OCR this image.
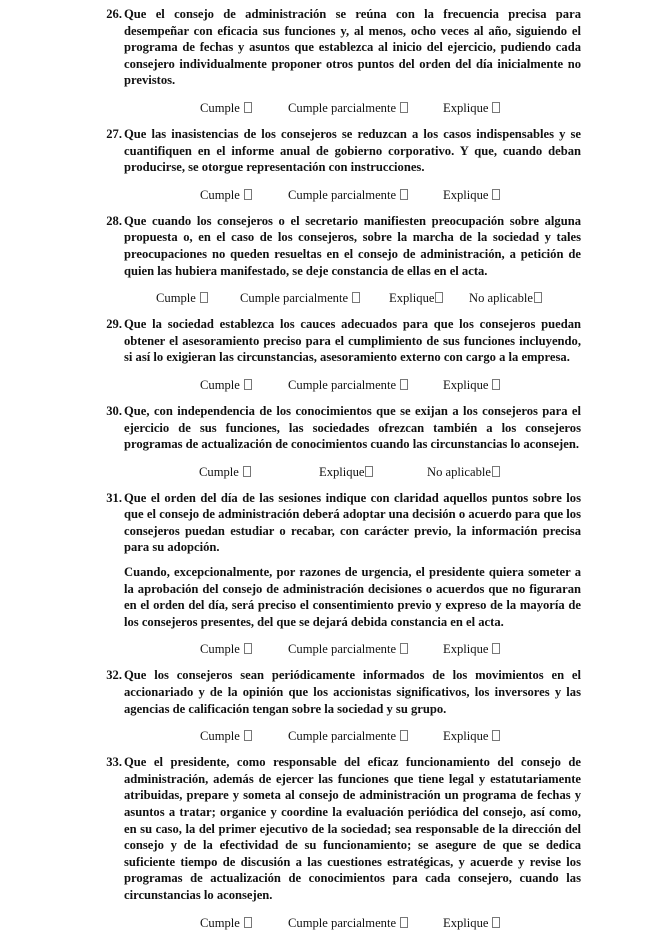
26. Que el consejo de administración se reúna con la frecuencia precisa para desempeñar con eficacia sus funciones y, al menos, ocho veces al año, siguiendo el programa de fechas y asuntos que establezca al inicio del ejercicio, pudiendo cada consejero individualmente proponer otros puntos del orden del día inicialmente no previstos.
Cumple	Cumple parcialmente	Explique
27. Que las inasistencias de los consejeros se reduzcan a los casos indispensables y se cuantifiquen en el informe anual de gobierno corporativo. Y que, cuando deban producirse, se otorgue representación con instrucciones.
Cumple	Cumple parcialmente	Explique
28. Que cuando los consejeros o el secretario manifiesten preocupación sobre alguna propuesta o, en el caso de los consejeros, sobre la marcha de la sociedad y tales preocupaciones no queden resueltas en el consejo de administración, a petición de quien las hubiera manifestado, se deje constancia de ellas en el acta.
Cumple	Cumple parcialmente	Explique	No aplicable
29. Que la sociedad establezca los cauces adecuados para que los consejeros puedan obtener el asesoramiento preciso para el cumplimiento de sus funciones incluyendo, si así lo exigieran las circunstancias, asesoramiento externo con cargo a la empresa.
Cumple	Cumple parcialmente	Explique
30. Que, con independencia de los conocimientos que se exijan a los consejeros para el ejercicio de sus funciones, las sociedades ofrezcan también a los consejeros programas de actualización de conocimientos cuando las circunstancias lo aconsejen.
Cumple	Explique	No aplicable
31. Que el orden del día de las sesiones indique con claridad aquellos puntos sobre los que el consejo de administración deberá adoptar una decisión o acuerdo para que los consejeros puedan estudiar o recabar, con carácter previo, la información precisa para su adopción.
Cuando, excepcionalmente, por razones de urgencia, el presidente quiera someter a la aprobación del consejo de administración decisiones o acuerdos que no figuraran en el orden del día, será preciso el consentimiento previo y expreso de la mayoría de los consejeros presentes, del que se dejará debida constancia en el acta.
Cumple	Cumple parcialmente	Explique
32. Que los consejeros sean periódicamente informados de los movimientos en el accionariado y de la opinión que los accionistas significativos, los inversores y las agencias de calificación tengan sobre la sociedad y su grupo.
Cumple	Cumple parcialmente	Explique
33. Que el presidente, como responsable del eficaz funcionamiento del consejo de administración, además de ejercer las funciones que tiene legal y estatutariamente atribuidas, prepare y someta al consejo de administración un programa de fechas y asuntos a tratar; organice y coordine la evaluación periódica del consejo, así como, en su caso, la del primer ejecutivo de la sociedad; sea responsable de la dirección del consejo y de la efectividad de su funcionamiento; se asegure de que se dedica suficiente tiempo de discusión a las cuestiones estratégicas, y acuerde y revise los programas de actualización de conocimientos para cada consejero, cuando las circunstancias lo aconsejen.
Cumple	Cumple parcialmente	Explique
